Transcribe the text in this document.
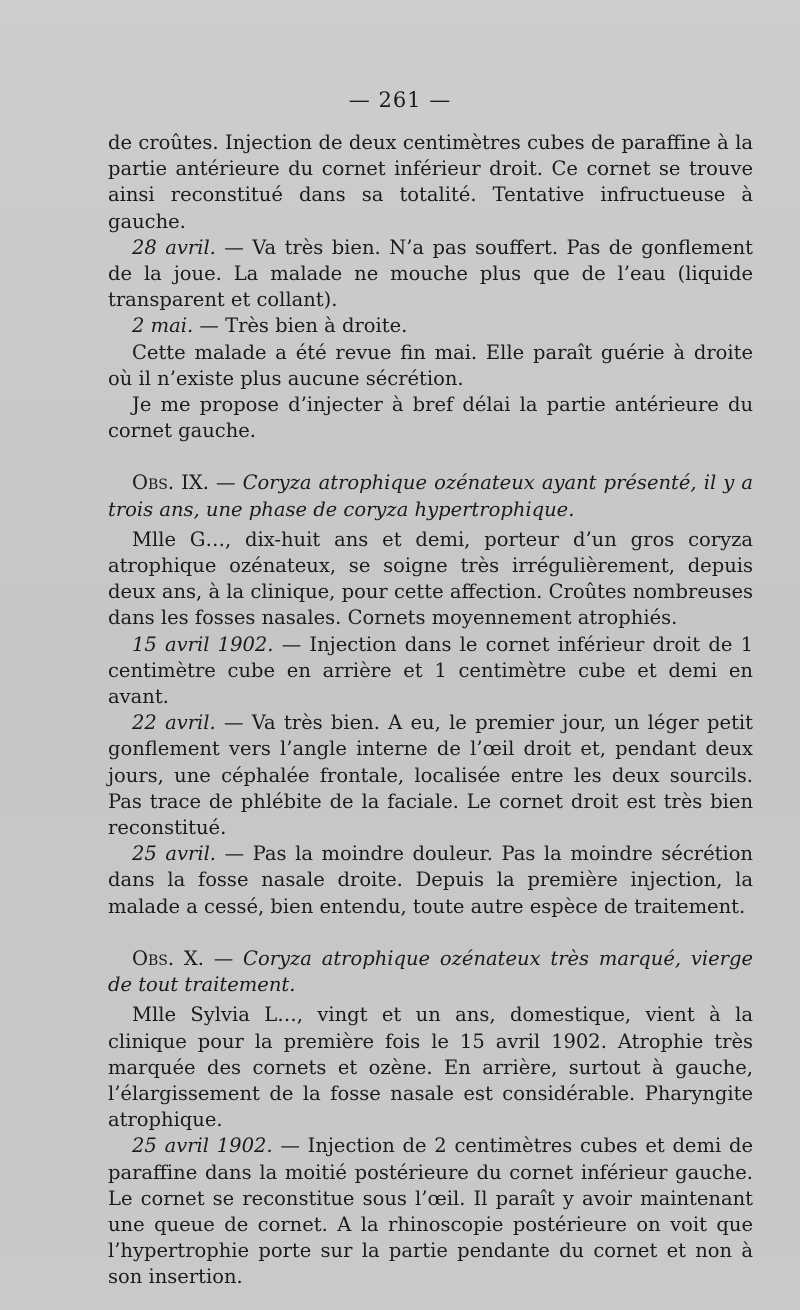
— 261 —

de croûtes. Injection de deux centimètres cubes de paraffine à la partie antérieure du cornet inférieur droit. Ce cornet se trouve ainsi reconstitué dans sa totalité. Tentative infructueuse à gauche.

28 avril. — Va très bien. N’a pas souffert. Pas de gonflement de la joue. La malade ne mouche plus que de l’eau (liquide transparent et collant).

2 mai. — Très bien à droite.

Cette malade a été revue fin mai. Elle paraît guérie à droite où il n’existe plus aucune sécrétion.

Je me propose d’injecter à bref délai la partie antérieure du cornet gauche.

Obs. IX. — Coryza atrophique ozénateux ayant présenté, il y a trois ans, une phase de coryza hypertrophique.

Mlle G…, dix-huit ans et demi, porteur d’un gros coryza atrophique ozénateux, se soigne très irrégulièrement, depuis deux ans, à la clinique, pour cette affection. Croûtes nombreuses dans les fosses nasales. Cornets moyennement atrophiés.

15 avril 1902. — Injection dans le cornet inférieur droit de 1 centimètre cube en arrière et 1 centimètre cube et demi en avant.

22 avril. — Va très bien. A eu, le premier jour, un léger petit gonflement vers l’angle interne de l’œil droit et, pendant deux jours, une céphalée frontale, localisée entre les deux sourcils. Pas trace de phlébite de la faciale. Le cornet droit est très bien reconstitué.

25 avril. — Pas la moindre douleur. Pas la moindre sécrétion dans la fosse nasale droite. Depuis la première injection, la malade a cessé, bien entendu, toute autre espèce de traitement.

Obs. X. — Coryza atrophique ozénateux très marqué, vierge de tout traitement.

Mlle Sylvia L…, vingt et un ans, domestique, vient à la clinique pour la première fois le 15 avril 1902. Atrophie très marquée des cornets et ozène. En arrière, surtout à gauche, l’élargissement de la fosse nasale est considérable. Pharyngite atrophique.

25 avril 1902. — Injection de 2 centimètres cubes et demi de paraffine dans la moitié postérieure du cornet inférieur gauche. Le cornet se reconstitue sous l’œil. Il paraît y avoir maintenant une queue de cornet. A la rhinoscopie postérieure on voit que l’hypertrophie porte sur la partie pendante du cornet et non à son insertion.
